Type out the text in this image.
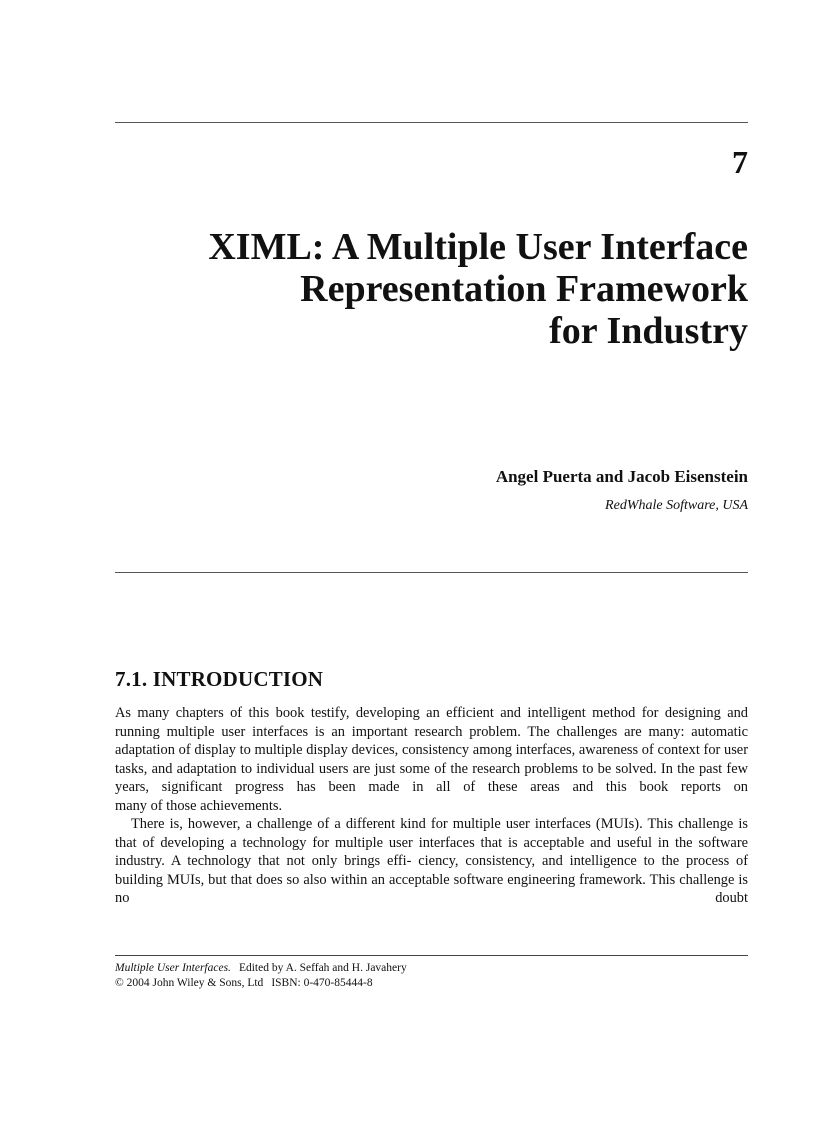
7
XIML: A Multiple User Interface
Representation Framework
for Industry
Angel Puerta and Jacob Eisenstein
RedWhale Software, USA
7.1. INTRODUCTION

As many chapters of this book testify, developing an efficient and intelligent method for designing and running multiple user interfaces is an important research problem. The challenges are many: automatic adaptation of display to multiple display devices, consistency among interfaces, awareness of context for user tasks, and adaptation to individual users are just some of the research problems to be solved. In the past few years, significant progress has been made in all of these areas and this book reports on

many of those achievements.

There is, however, a challenge of a different kind for multiple user interfaces (MUIs). This challenge is that of developing a technology for multiple user interfaces that is acceptable and useful in the software industry. A technology that not only brings effi- ciency, consistency, and intelligence to the process of building MUIs, but that does so also within an acceptable software engineering framework. This challenge is no doubt

Multiple User Interfaces. Edited by A. Seffah and H. Javahery
© 2004 John Wiley & Sons, Ltd ISBN: 0-470-85444-8
